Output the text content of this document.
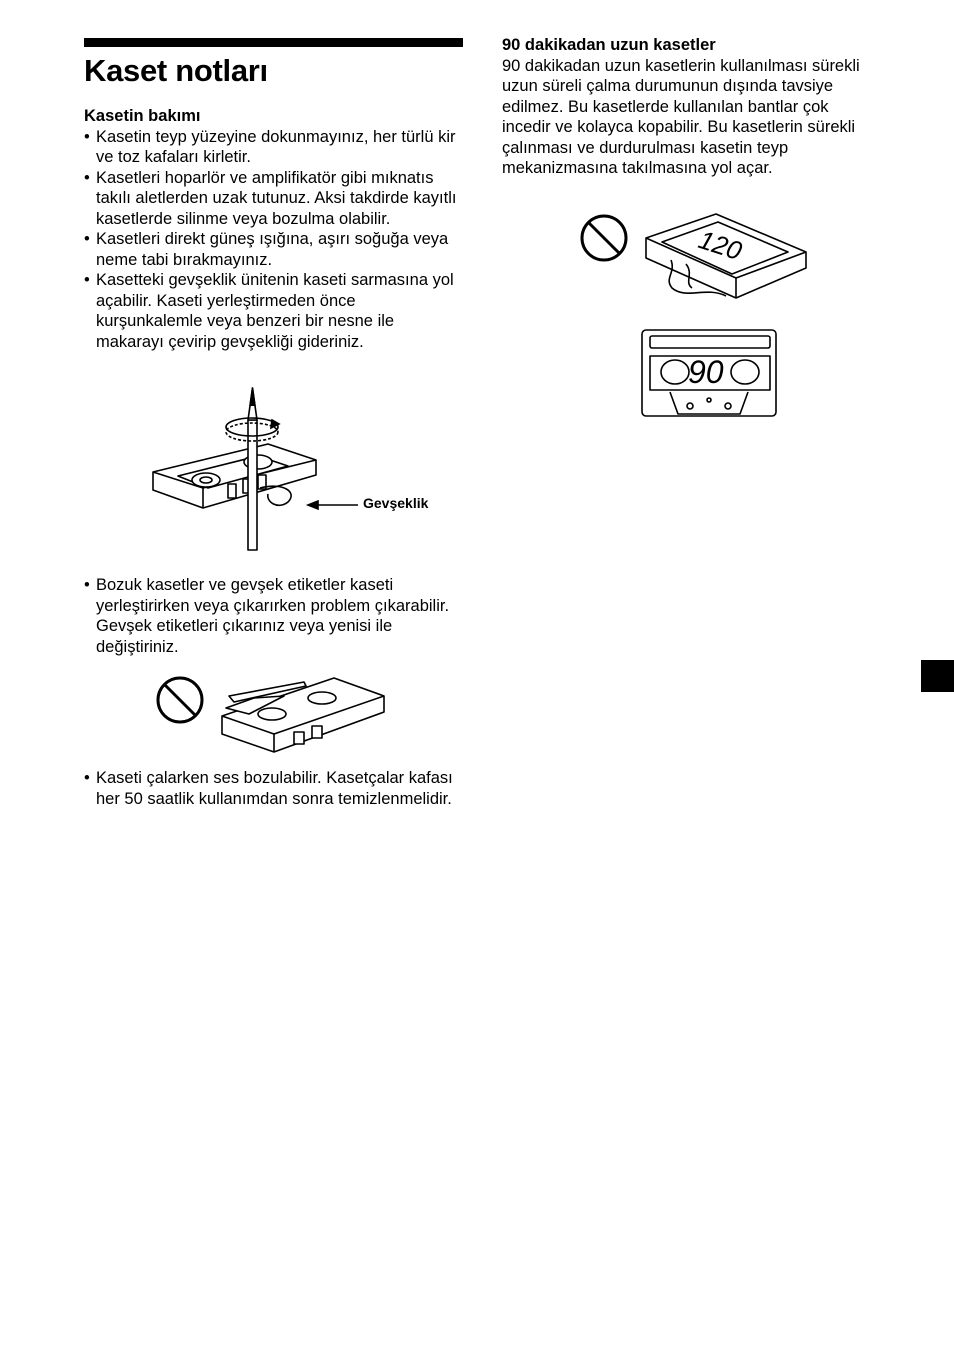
Kaset notları
Kasetin bakımı
• Kasetin teyp yüzeyine dokunmayınız, her türlü kir ve toz kafaları kirletir.
• Kasetleri hoparlör ve amplifikatör gibi mıknatıs takılı aletlerden uzak tutunuz. Aksi takdirde kayıtlı kasetlerde silinme veya bozulma olabilir.
• Kasetleri direkt güneş ışığına, aşırı soğuğa veya neme tabi bırakmayınız.
• Kasetteki gevşeklik ünitenin kaseti sarmasına yol açabilir. Kaseti yerleştirmeden önce kurşunkalemle veya benzeri bir nesne ile makarayı çevirip gevşekliği gideriniz.
Gevşeklik
• Bozuk kasetler ve gevşek etiketler kaseti yerleştirirken veya çıkarırken problem çıkarabilir. Gevşek etiketleri çıkarınız veya yenisi ile değiştiriniz.
• Kaseti çalarken ses bozulabilir. Kasetçalar kafası her 50 saatlik kullanımdan sonra temizlenmelidir.
90 dakikadan uzun kasetler

90 dakikadan uzun kasetlerin kullanılması sürekli uzun süreli çalma durumunun dışında tavsiye edilmez. Bu kasetlerde kullanılan bantlar çok incedir ve kolayca kopabilir. Bu kasetlerin sürekli çalınması ve durdurulması kasetin teyp mekanizmasına takılmasına yol açar.

120
90
